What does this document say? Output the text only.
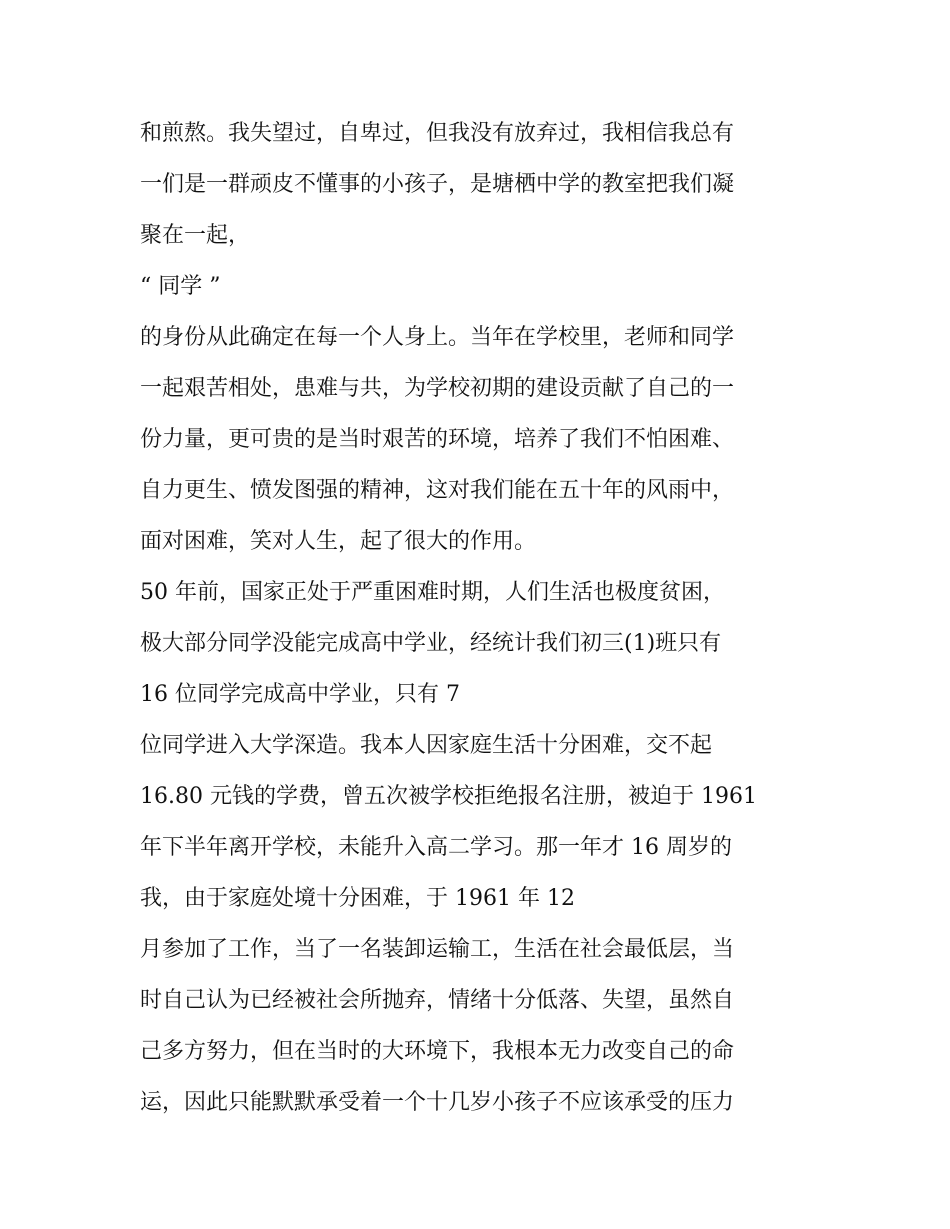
和煎熬。我失望过，自卑过，但我没有放弃过，我相信我总有
一们是一群顽皮不懂事的小孩子，是塘栖中学的教室把我们凝
聚在一起，
“ 同学 ”
的身份从此确定在每一个人身上。当年在学校里，老师和同学
一起艰苦相处，患难与共，为学校初期的建设贡献了自己的一
份力量，更可贵的是当时艰苦的环境，培养了我们不怕困难、
自力更生、愤发图强的精神，这对我们能在五十年的风雨中，
面对困难，笑对人生，起了很大的作用。
50 年前，国家正处于严重困难时期，人们生活也极度贫困，
极大部分同学没能完成高中学业，经统计我们初三(1)班只有
16 位同学完成高中学业，只有 7
位同学进入大学深造。我本人因家庭生活十分困难，交不起
16.80 元钱的学费，曾五次被学校拒绝报名注册，被迫于 1961
年下半年离开学校，未能升入高二学习。那一年才 16 周岁的
我，由于家庭处境十分困难，于 1961 年 12
月参加了工作，当了一名装卸运输工，生活在社会最低层，当
时自己认为已经被社会所抛弃，情绪十分低落、失望，虽然自
己多方努力，但在当时的大环境下，我根本无力改变自己的命
运，因此只能默默承受着一个十几岁小孩子不应该承受的压力
